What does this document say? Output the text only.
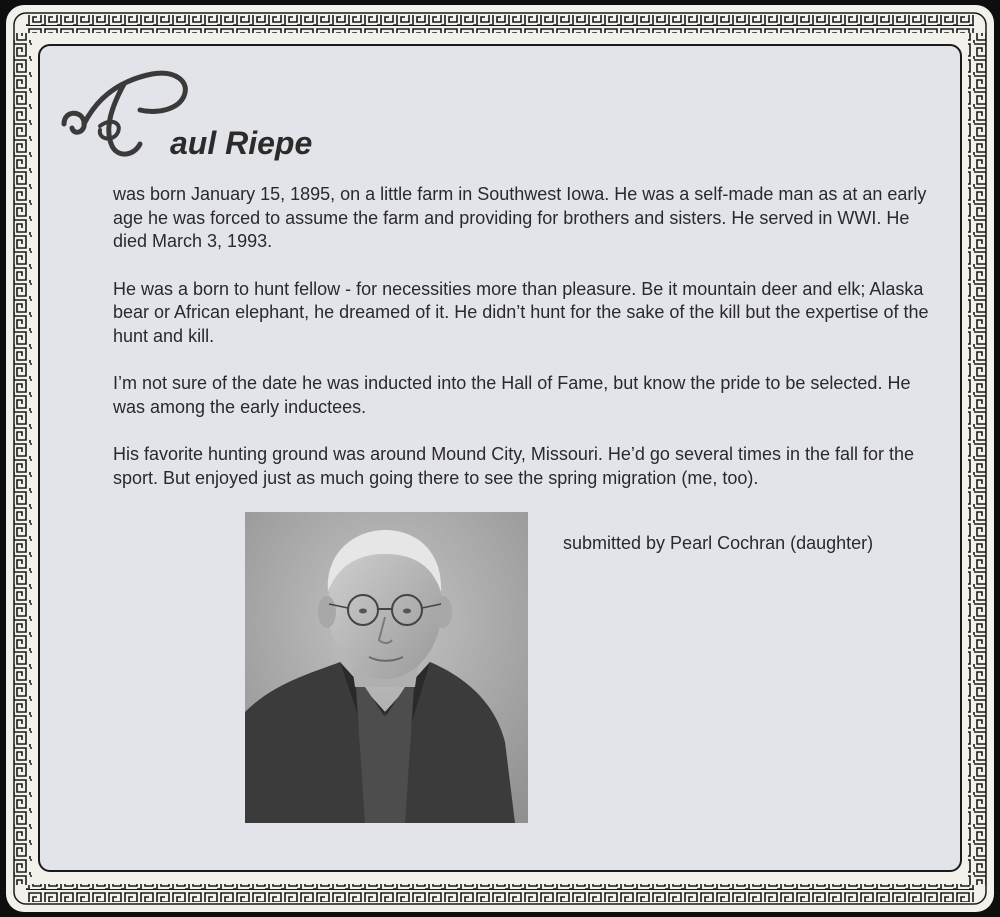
aul Riepe

was born January 15, 1895, on a little farm in Southwest Iowa. He was a self-made man as at an early age he was forced to assume the farm and providing for brothers and sisters. He served in WWI. He died March 3, 1993.

He was a born to hunt fellow - for necessities more than pleasure. Be it mountain deer and elk; Alaska bear or African elephant, he dreamed of it. He didn’t hunt for the sake of the kill but the expertise of the hunt and kill.

I’m not sure of the date he was inducted into the Hall of Fame, but know the pride to be selected. He was among the early inductees.

His favorite hunting ground was around Mound City, Missouri. He’d go several times in the fall for the sport. But enjoyed just as much going there to see the spring migration (me, too).

submitted by Pearl Cochran (daughter)
